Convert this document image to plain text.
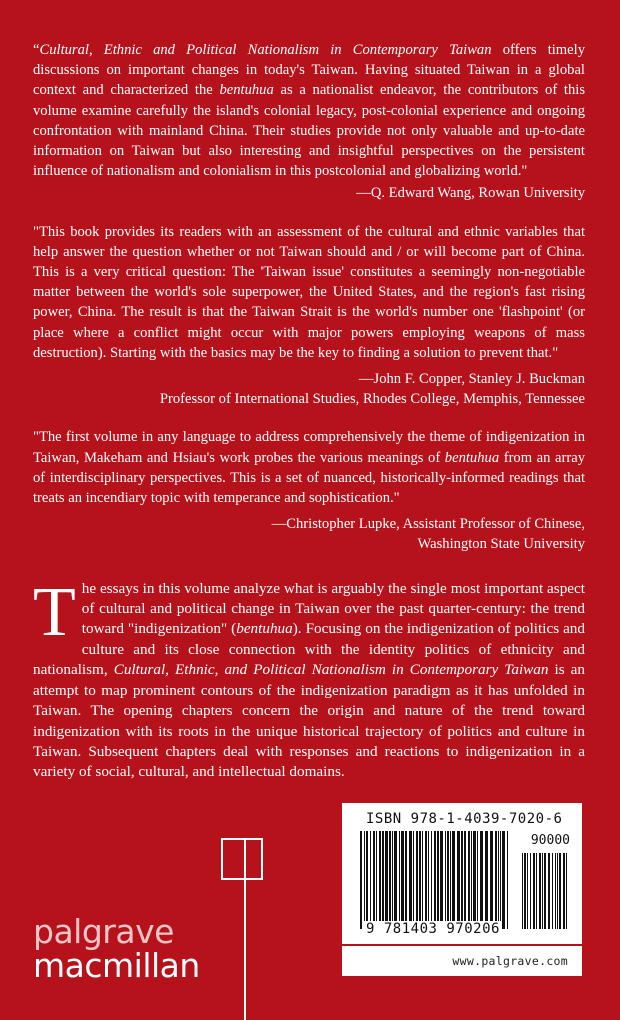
“Cultural, Ethnic and Political Nationalism in Contemporary Taiwan offers timely discussions on important changes in today's Taiwan. Having situated Taiwan in a global context and characterized the bentuhua as a nationalist endeavor, the contributors of this volume examine carefully the island's colonial legacy, post-colonial experience and ongoing confrontation with mainland China. Their studies provide not only valuable and up-to-date information on Taiwan but also interesting and insightful perspectives on the persistent influence of nationalism and colonialism in this postcolonial and globalizing world."

—Q. Edward Wang, Rowan University

"This book provides its readers with an assessment of the cultural and ethnic variables that help answer the question whether or not Taiwan should and / or will become part of China. This is a very critical question: The 'Taiwan issue' constitutes a seemingly non-negotiable matter between the world's sole superpower, the United States, and the region's fast rising power, China. The result is that the Taiwan Strait is the world's number one 'flashpoint' (or place where a conflict might occur with major powers employing weapons of mass destruction). Starting with the basics may be the key to finding a solution to prevent that."

—John F. Copper, Stanley J. Buckman
Professor of International Studies, Rhodes College, Memphis, Tennessee

"The first volume in any language to address comprehensively the theme of indigenization in Taiwan, Makeham and Hsiau's work probes the various meanings of bentuhua from an array of interdisciplinary perspectives. This is a set of nuanced, historically-informed readings that treats an incendiary topic with temperance and sophistication."

—Christopher Lupke, Assistant Professor of Chinese,
Washington State University

The essays in this volume analyze what is arguably the single most important aspect of cultural and political change in Taiwan over the past quarter-century: the trend toward "indigenization" (bentuhua). Focusing on the indigenization of politics and culture and its close connection with the identity politics of ethnicity and nationalism, Cultural, Ethnic, and Political Nationalism in Contemporary Taiwan is an attempt to map prominent contours of the indigenization paradigm as it has unfolded in Taiwan. The opening chapters concern the origin and nature of the trend toward indigenization with its roots in the unique historical trajectory of politics and culture in Taiwan. Subsequent chapters deal with responses and reactions to indigenization in a variety of social, cultural, and intellectual domains.

palgrave
macmillan
ISBN 978-1-4039-7020-6
90000
9 781403 970206
www.palgrave.com
